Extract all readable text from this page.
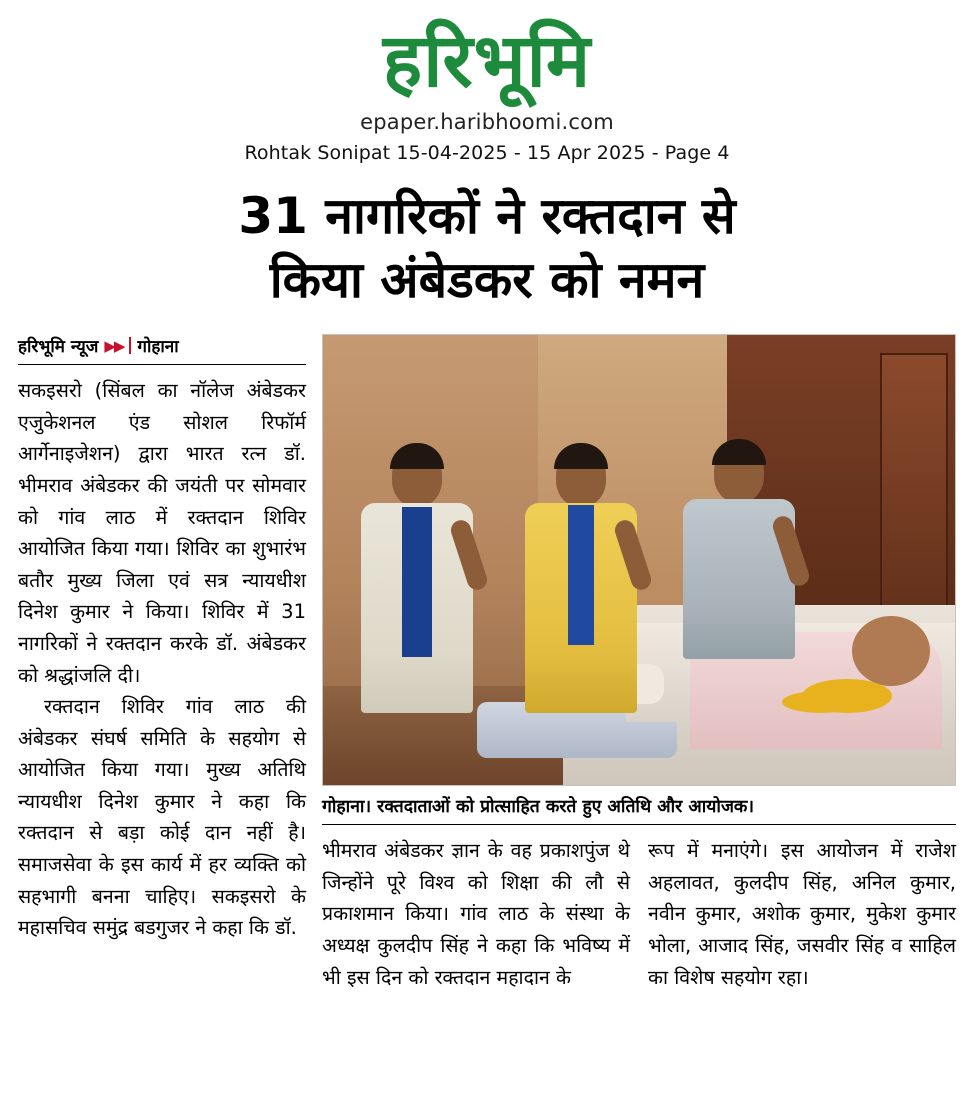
हरिभूमि
epaper.haribhoomi.com
Rohtak Sonipat 15-04-2025 - 15 Apr 2025 - Page 4
31 नागरिकों ने रक्तदान से
किया अंबेडकर को नमन
हरिभूमि न्यूज ▶▶ गोहाना

सकइसरो (सिंबल का नॉलेज अंबेडकर एजुकेशनल एंड सोशल रिफॉर्म आर्गेनाइजेशन) द्वारा भारत रत्न डॉ. भीमराव अंबेडकर की जयंती पर सोमवार को गांव लाठ में रक्तदान शिविर आयोजित किया गया। शिविर का शुभारंभ बतौर मुख्य जिला एवं सत्र न्यायधीश दिनेश कुमार ने किया। शिविर में 31 नागरिकों ने रक्तदान करके डॉ. अंबेडकर को श्रद्धांजलि दी।

रक्तदान शिविर गांव लाठ की अंबेडकर संघर्ष समिति के सहयोग से आयोजित किया गया। मुख्य अतिथि न्यायधीश दिनेश कुमार ने कहा कि रक्तदान से बड़ा कोई दान नहीं है। समाजसेवा के इस कार्य में हर व्यक्ति को सहभागी बनना चाहिए। सकइसरो के महासचिव समुंद्र बडगुजर ने कहा कि डॉ.

गोहाना। रक्तदाताओं को प्रोत्साहित करते हुए अतिथि और आयोजक।
भीमराव अंबेडकर ज्ञान के वह प्रकाशपुंज थे जिन्होंने पूरे विश्व को शिक्षा की लौ से प्रकाशमान किया। गांव लाठ के संस्था के अध्यक्ष कुलदीप सिंह ने कहा कि भविष्य में भी इस दिन को रक्तदान महादान के
रूप में मनाएंगे। इस आयोजन में राजेश अहलावत, कुलदीप सिंह, अनिल कुमार, नवीन कुमार, अशोक कुमार, मुकेश कुमार भोला, आजाद सिंह, जसवीर सिंह व साहिल का विशेष सहयोग रहा।
